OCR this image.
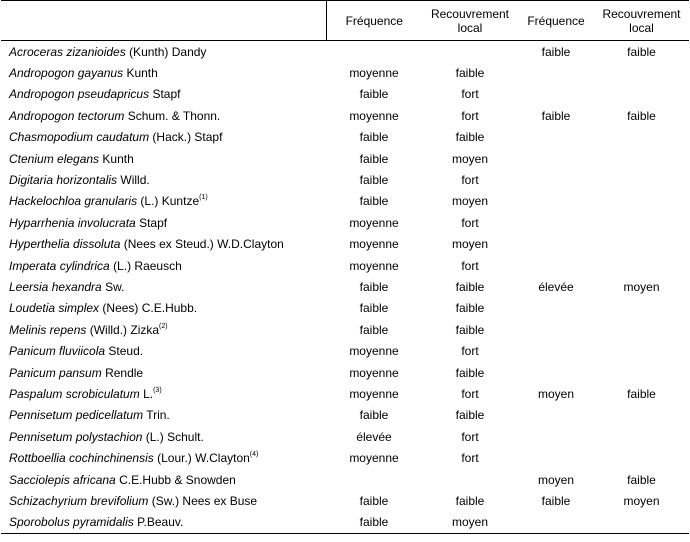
	Fréquence	Recouvrement local	Fréquence	Recouvrement local
Acroceras zizanioides (Kunth) Dandy			faible	faible
Andropogon gayanus Kunth	moyenne	faible		
Andropogon pseudapricus Stapf	faible	fort		
Andropogon tectorum Schum. & Thonn.	moyenne	fort	faible	faible
Chasmopodium caudatum (Hack.) Stapf	faible	faible		
Ctenium elegans Kunth	faible	moyen		
Digitaria horizontalis Willd.	faible	fort		
Hackelochloa granularis (L.) Kuntze$^{(1)}$	faible	moyen		
Hyparrhenia involucrata Stapf	moyenne	fort		
Hyperthelia dissoluta (Nees ex Steud.) W.D.Clayton	moyenne	moyen		
Imperata cylindrica (L.) Raeusch	moyenne	fort		
Leersia hexandra Sw.	faible	faible	élevée	moyen
Loudetia simplex (Nees) C.E.Hubb.	faible	faible		
Melinis repens (Willd.) Zizka$^{(2)}$	faible	faible		
Panicum fluviicola Steud.	moyenne	fort		
Panicum pansum Rendle	moyenne	faible		
Paspalum scrobiculatum L.$^{(3)}$	moyenne	fort	moyen	faible
Pennisetum pedicellatum Trin.	faible	faible		
Pennisetum polystachion (L.) Schult.	élevée	fort		
Rottboellia cochinchinensis (Lour.) W.Clayton$^{(4)}$	moyenne	fort		
Sacciolepis africana C.E.Hubb & Snowden			moyen	faible
Schizachyrium brevifolium (Sw.) Nees ex Buse	faible	faible	faible	moyen
Sporobolus pyramidalis P.Beauv.	faible	moyen		
